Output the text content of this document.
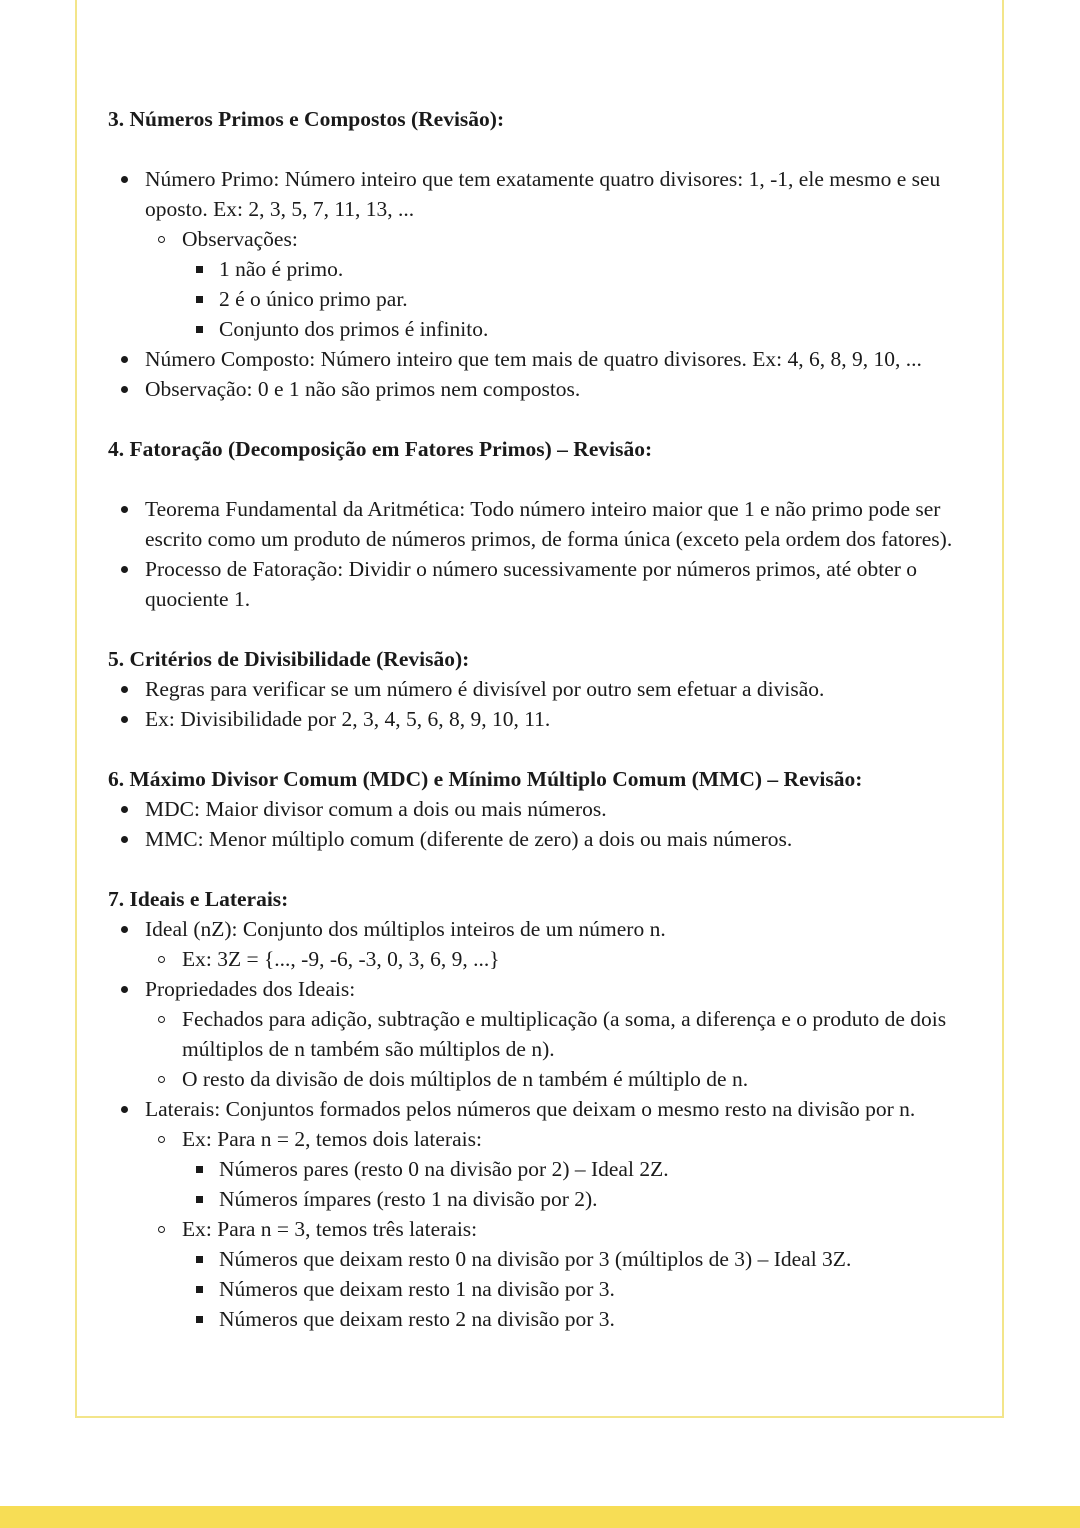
3. Números Primos e Compostos (Revisão):
Número Primo: Número inteiro que tem exatamente quatro divisores: 1, -1, ele mesmo e seu oposto. Ex: 2, 3, 5, 7, 11, 13, ...
Observações:
1 não é primo.
2 é o único primo par.
Conjunto dos primos é infinito.
Número Composto: Número inteiro que tem mais de quatro divisores. Ex: 4, 6, 8, 9, 10, ...
Observação: 0 e 1 não são primos nem compostos.
4. Fatoração (Decomposição em Fatores Primos) – Revisão:
Teorema Fundamental da Aritmética: Todo número inteiro maior que 1 e não primo pode ser escrito como um produto de números primos, de forma única (exceto pela ordem dos fatores).
Processo de Fatoração: Dividir o número sucessivamente por números primos, até obter o quociente 1.
5. Critérios de Divisibilidade (Revisão):
Regras para verificar se um número é divisível por outro sem efetuar a divisão.
Ex: Divisibilidade por 2, 3, 4, 5, 6, 8, 9, 10, 11.
6. Máximo Divisor Comum (MDC) e Mínimo Múltiplo Comum (MMC) – Revisão:
MDC: Maior divisor comum a dois ou mais números.
MMC: Menor múltiplo comum (diferente de zero) a dois ou mais números.
7. Ideais e Laterais:
Ideal (nZ): Conjunto dos múltiplos inteiros de um número n.
Ex: 3Z = {..., -9, -6, -3, 0, 3, 6, 9, ...}
Propriedades dos Ideais:
Fechados para adição, subtração e multiplicação (a soma, a diferença e o produto de dois múltiplos de n também são múltiplos de n).
O resto da divisão de dois múltiplos de n também é múltiplo de n.
Laterais: Conjuntos formados pelos números que deixam o mesmo resto na divisão por n.
Ex: Para n = 2, temos dois laterais:
Números pares (resto 0 na divisão por 2) – Ideal 2Z.
Números ímpares (resto 1 na divisão por 2).
Ex: Para n = 3, temos três laterais:
Números que deixam resto 0 na divisão por 3 (múltiplos de 3) – Ideal 3Z.
Números que deixam resto 1 na divisão por 3.
Números que deixam resto 2 na divisão por 3.
